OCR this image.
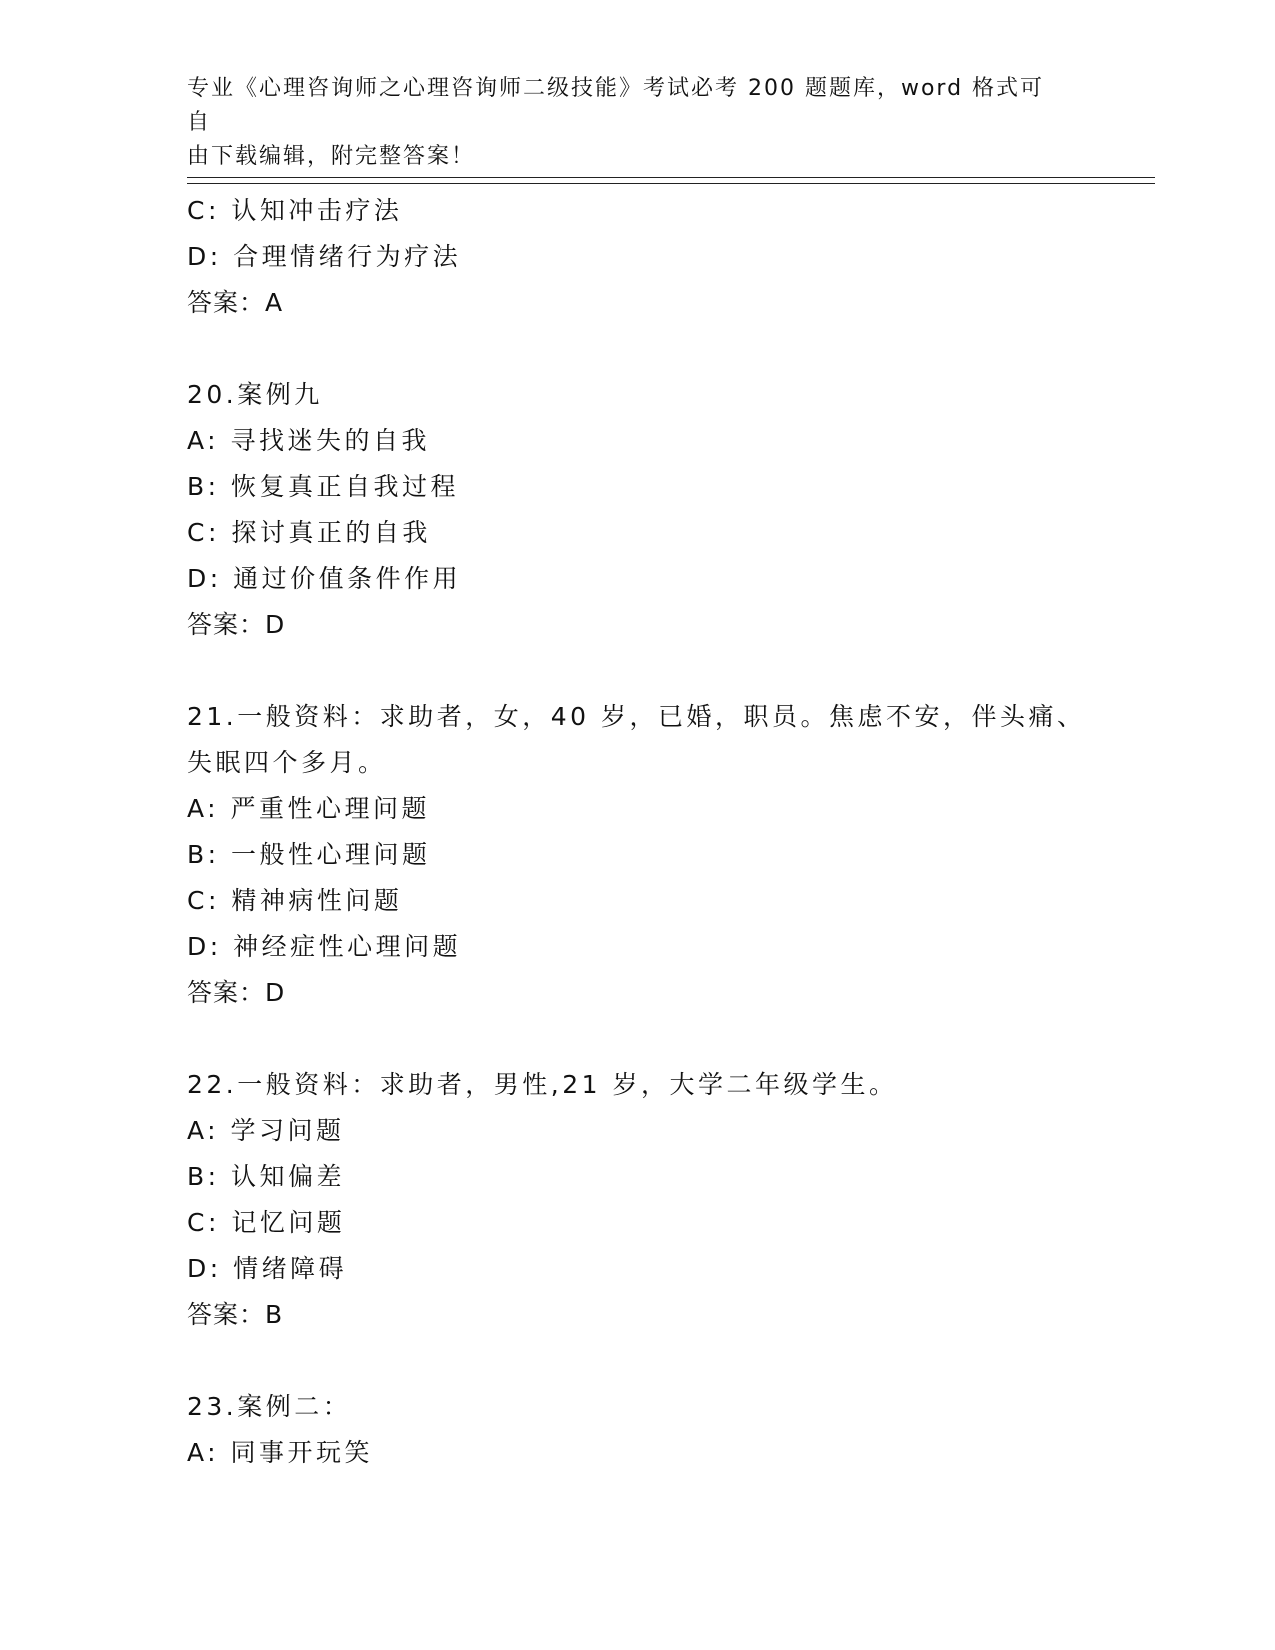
专业《心理咨询师之心理咨询师二级技能》考试必考 200 题题库，word 格式可自
由下载编辑，附完整答案！
C: 认知冲击疗法
D: 合理情绪行为疗法
答案：A
20.案例九
A: 寻找迷失的自我
B: 恢复真正自我过程
C: 探讨真正的自我
D: 通过价值条件作用
答案：D
21.一般资料：求助者，女，40 岁，已婚，职员。焦虑不安，伴头痛、
失眠四个多月。
A: 严重性心理问题
B: 一般性心理问题
C: 精神病性问题
D: 神经症性心理问题
答案：D
22.一般资料：求助者，男性,21 岁，大学二年级学生。
A: 学习问题
B: 认知偏差
C: 记忆问题
D: 情绪障碍
答案：B
23.案例二：
A: 同事开玩笑
